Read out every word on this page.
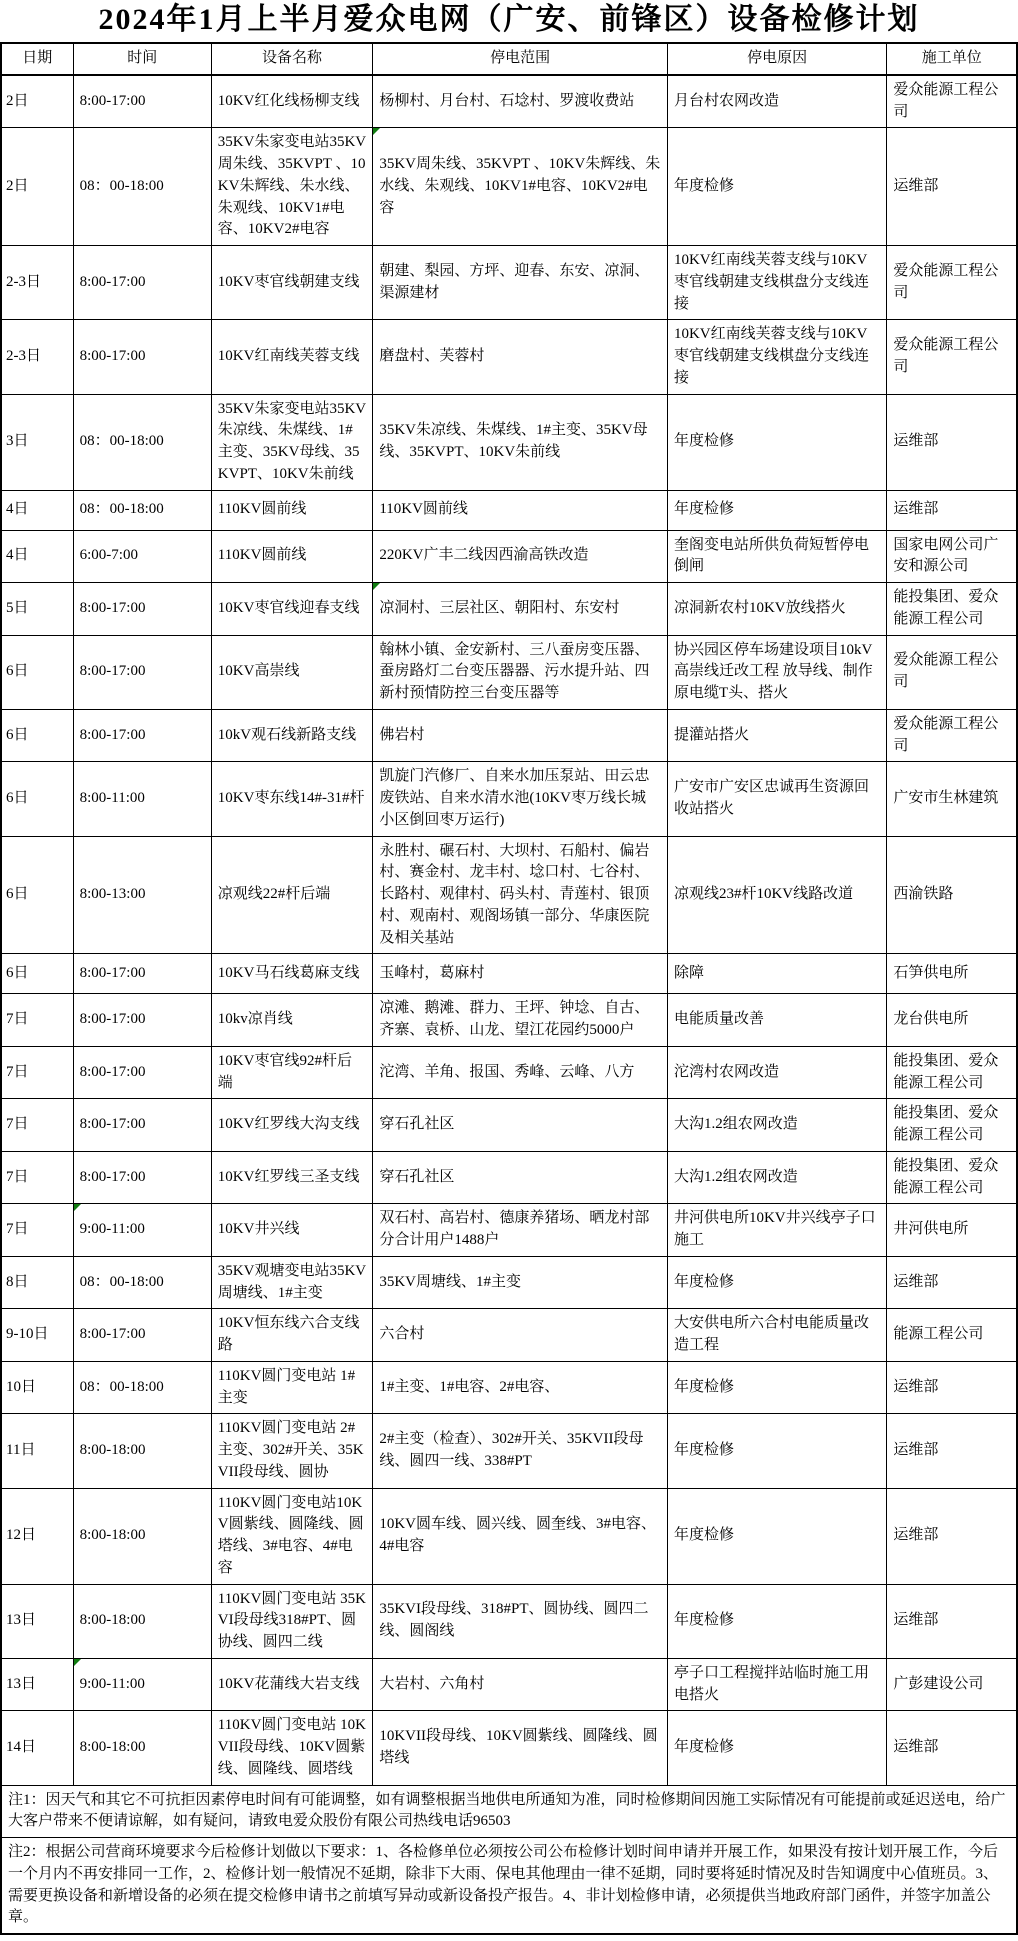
2024年1月上半月爱众电网（广安、前锋区）设备检修计划
日期	时间	设备名称	停电范围	停电原因	施工单位
2日	8:00-17:00	10KV红化线杨柳支线	杨柳村、月台村、石埝村、罗渡收费站	月台村农网改造	爱众能源工程公司
2日	08：00-18:00	35KV朱家变电站35KV周朱线、35KVPT 、10KV朱辉线、朱水线、朱观线、10KV1#电容、10KV2#电容	35KV周朱线、35KVPT 、10KV朱辉线、朱水线、朱观线、10KV1#电容、10KV2#电容	年度检修	运维部
2-3日	8:00-17:00	10KV枣官线朝建支线	朝建、梨园、方坪、迎春、东安、凉洞、渠源建材	10KV红南线芙蓉支线与10KV枣官线朝建支线棋盘分支线连接	爱众能源工程公司
2-3日	8:00-17:00	10KV红南线芙蓉支线	磨盘村、芙蓉村	10KV红南线芙蓉支线与10KV枣官线朝建支线棋盘分支线连接	爱众能源工程公司
3日	08：00-18:00	35KV朱家变电站35KV朱凉线、朱煤线、1#主变、35KV母线、35KVPT、10KV朱前线	35KV朱凉线、朱煤线、1#主变、35KV母线、35KVPT、10KV朱前线	年度检修	运维部
4日	08：00-18:00	110KV圆前线	110KV圆前线	年度检修	运维部
4日	6:00-7:00	110KV圆前线	220KV广丰二线因西渝高铁改造	奎阁变电站所供负荷短暂停电倒闸	国家电网公司广安和源公司
5日	8:00-17:00	10KV枣官线迎春支线	凉洞村、三层社区、朝阳村、东安村	凉洞新农村10KV放线搭火	能投集团、爱众能源工程公司
6日	8:00-17:00	10KV高崇线	翰林小镇、金安新村、三八蚕房变压器、蚕房路灯二台变压器器、污水提升站、四新村预情防控三台变压器等	协兴园区停车场建设项目10kV高崇线迁改工程 放导线、制作原电缆T头、搭火	爱众能源工程公司
6日	8:00-17:00	10kV观石线新路支线	佛岩村	提灌站搭火	爱众能源工程公司
6日	8:00-11:00	10KV枣东线14#-31#杆	凯旋门汽修厂、自来水加压泵站、田云忠废铁站、自来水清水池(10KV枣万线长城小区倒回枣万运行)	广安市广安区忠诚再生资源回收站搭火	广安市生林建筑
6日	8:00-13:00	凉观线22#杆后端	永胜村、碾石村、大坝村、石船村、偏岩村、赛金村、龙丰村、埝口村、七谷村、长路村、观律村、码头村、青莲村、银顶村、观南村、观阁场镇一部分、华康医院及相关基站	凉观线23#杆10KV线路改道	西渝铁路
6日	8:00-17:00	10KV马石线葛麻支线	玉峰村，葛麻村	除障	石笋供电所
7日	8:00-17:00	10kv凉肖线	凉滩、鹅滩、群力、王坪、钟埝、自古、齐寨、袁桥、山龙、望江花园约5000户	电能质量改善	龙台供电所
7日	8:00-17:00	10KV枣官线92#杆后端	沱湾、羊角、报国、秀峰、云峰、八方	沱湾村农网改造	能投集团、爱众能源工程公司
7日	8:00-17:00	10KV红罗线大沟支线	穿石孔社区	大沟1.2组农网改造	能投集团、爱众能源工程公司
7日	8:00-17:00	10KV红罗线三圣支线	穿石孔社区	大沟1.2组农网改造	能投集团、爱众能源工程公司
7日	9:00-11:00	10KV井兴线	双石村、高岩村、德康养猪场、晒龙村部分合计用户1488户	井河供电所10KV井兴线亭子口施工	井河供电所
8日	08：00-18:00	35KV观塘变电站35KV周塘线、1#主变	35KV周塘线、1#主变	年度检修	运维部
9-10日	8:00-17:00	10KV恒东线六合支线路	六合村	大安供电所六合村电能质量改造工程	能源工程公司
10日	08：00-18:00	110KV圆门变电站 1#主变	1#主变、1#电容、2#电容、	年度检修	运维部
11日	8:00-18:00	110KV圆门变电站 2#主变、302#开关、35KVII段母线、圆协	2#主变（检查）、302#开关、35KVII段母线、圆四一线、338#PT	年度检修	运维部
12日	8:00-18:00	110KV圆门变电站10KV圆紫线、圆隆线、圆塔线、3#电容、4#电容	10KV圆车线、圆兴线、圆奎线、3#电容、4#电容	年度检修	运维部
13日	8:00-18:00	110KV圆门变电站 35KVI段母线318#PT、圆协线、圆四二线	35KVI段母线、318#PT、圆协线、圆四二线、圆阁线	年度检修	运维部
13日	9:00-11:00	10KV花蒲线大岩支线	大岩村、六角村	亭子口工程搅拌站临时施工用电搭火	广彭建设公司
14日	8:00-18:00	110KV圆门变电站 10KVII段母线、10KV圆紫线、圆隆线、圆塔线	10KVII段母线、10KV圆紫线、圆隆线、圆塔线	年度检修	运维部
注1：因天气和其它不可抗拒因素停电时间有可能调整，如有调整根据当地供电所通知为准，同时检修期间因施工实际情况有可能提前或延迟送电，给广大客户带来不便请谅解，如有疑问，请致电爱众股份有限公司热线电话96503					
注2：根据公司营商环境要求今后检修计划做以下要求：1、各检修单位必须按公司公布检修计划时间申请并开展工作，如果没有按计划开展工作，今后一个月内不再安排同一工作，2、检修计划一般情况不延期，除非下大雨、保电其他理由一律不延期，同时要将延时情况及时告知调度中心值班员。3、需要更换设备和新增设备的必须在提交检修申请书之前填写异动或新设备投产报告。4、非计划检修申请，必须提供当地政府部门函件，并签字加盖公章。					
